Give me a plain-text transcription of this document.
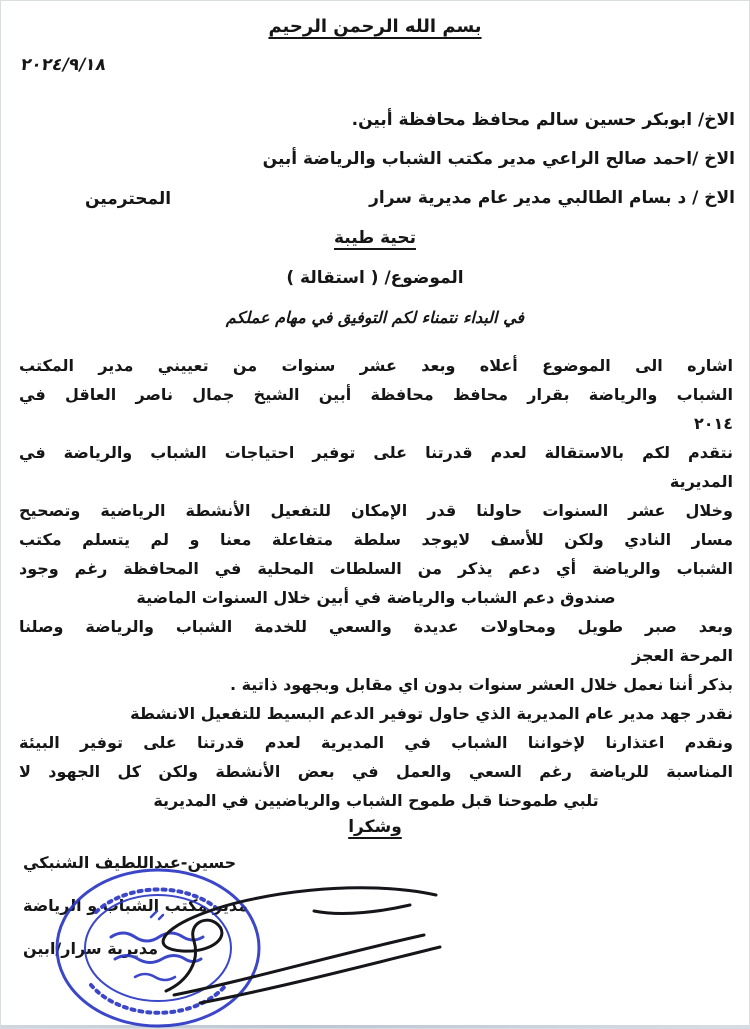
بسم الله الرحمن الرحيم
٢٠٢٤/٩/١٨
الاخ/ ابوبكر حسين سالم محافظ محافظة أبين.
الاخ /احمد صالح الراعي مدير مكتب الشباب والرياضة أبين
الاخ / د بسام الطالبي مدير عام مديرية سرار
المحترمين
تحية طيبة
الموضوع/ ( استقالة )
في البداء نتمناء لكم التوفيق في مهام عملكم
اشاره الى الموضوع أعلاه وبعد عشر سنوات من تعييني مدير المكتب
الشباب والرياضة بقرار محافظ محافظة أبين الشيخ جمال ناصر العاقل في
٢٠١٤
نتقدم لكم بالاستقالة لعدم قدرتنا على توفير احتياجات الشباب والرياضة في
المديرية
وخلال عشر السنوات حاولنا قدر الإمكان للتفعيل الأنشطة الرياضية وتصحيح
مسار النادي ولكن للأسف لايوجد سلطة متفاعلة معنا و لم يتسلم مكتب
الشباب والرياضة أي دعم يذكر من السلطات المحلية في المحافظة رغم وجود
صندوق دعم الشباب والرياضة في أبين خلال السنوات الماضية
وبعد صبر طويل ومحاولات عديدة والسعي للخدمة الشباب والرياضة وصلنا
المرحة العجز
بذكر أننا نعمل خلال العشر سنوات بدون اي مقابل وبجهود ذاتية .
نقدر جهد مدير عام المديرية الذي حاول توفير الدعم البسيط للتفعيل الانشطة
ونقدم اعتذارنا لإخواننا الشباب في المديرية لعدم قدرتنا على توفير البيئة
المناسبة للرياضة رغم السعي والعمل في بعض الأنشطة ولكن كل الجهود لا
تلبي طموحنا قبل طموح الشباب والرياضيين في المديرية
وشكرا
حسين-عبداللطيف الشنبكي
مدير مكتب الشباب و الرياضة
مديرية سرار/ابين
